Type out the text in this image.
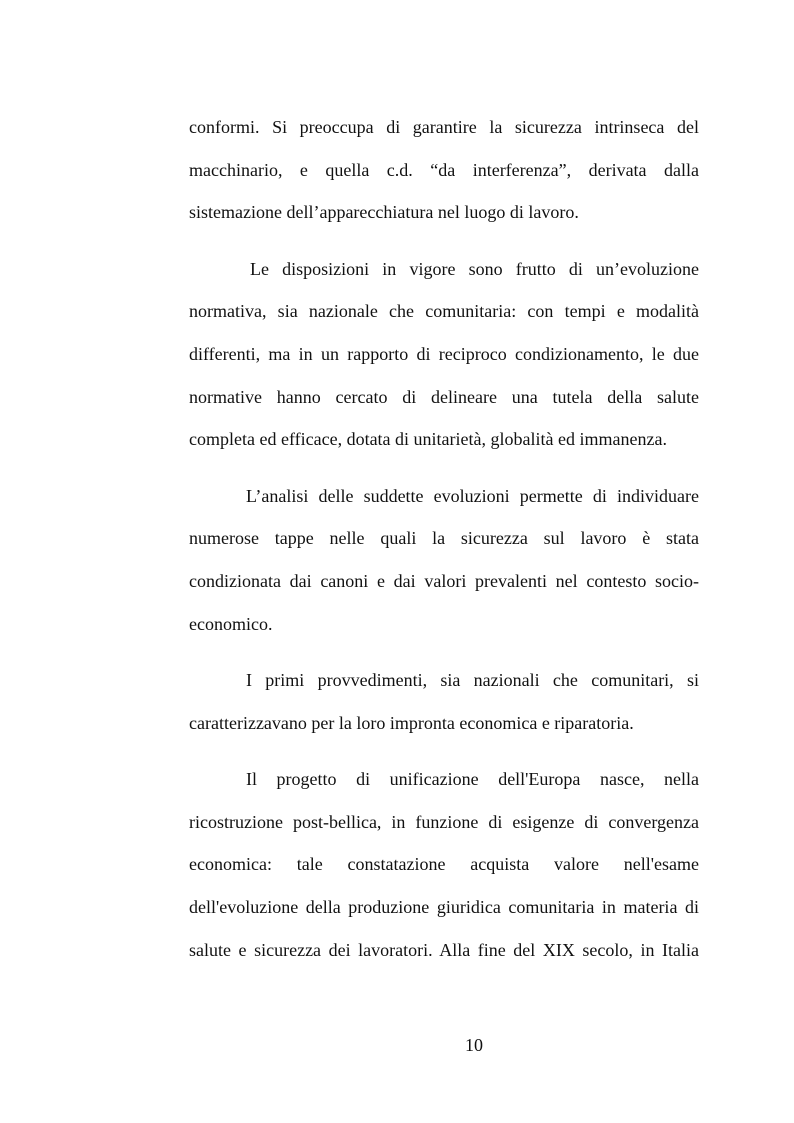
conformi. Si preoccupa di garantire la sicurezza intrinseca del
macchinario, e quella c.d. “da interferenza”, derivata dalla
sistemazione dell’apparecchiatura nel luogo di lavoro.
Le disposizioni in vigore sono frutto di un’evoluzione
normativa, sia nazionale che comunitaria: con tempi e modalità
differenti, ma in un rapporto di reciproco condizionamento, le due
normative hanno cercato di delineare una tutela della salute
completa ed efficace, dotata di unitarietà, globalità ed immanenza.
L’analisi delle suddette evoluzioni permette di individuare
numerose tappe nelle quali la sicurezza sul lavoro è stata
condizionata dai canoni e dai valori prevalenti nel contesto socio-
economico.
I primi provvedimenti, sia nazionali che comunitari, si
caratterizzavano per la loro impronta economica e riparatoria.
Il progetto di unificazione dell'Europa nasce, nella
ricostruzione post-bellica, in funzione di esigenze di convergenza
economica: tale constatazione acquista valore nell'esame
dell'evoluzione della produzione giuridica comunitaria in materia di
salute e sicurezza dei lavoratori. Alla fine del XIX secolo, in Italia
10
